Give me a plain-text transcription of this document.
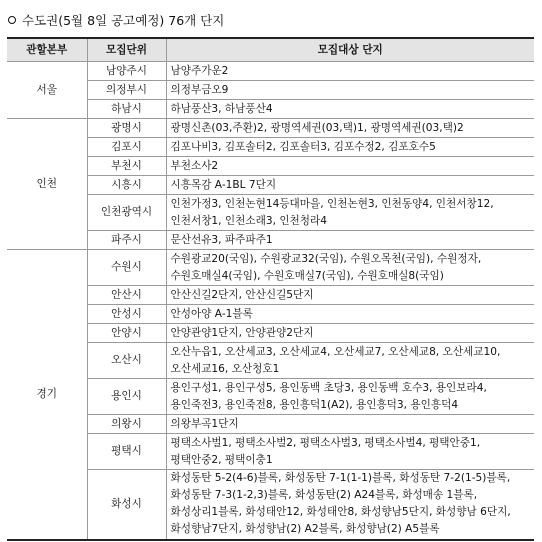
수도권(5월 8일 공고예정) 76개 단지
관할본부	모집단위	모집대상 단지
서울	남양주시	남양주가운2

	의정부시	의정부금오9

	하남시	하남풍산3, 하남풍산4

인천	광명시	광명신촌(03,주환)2, 광명역세권(03,택)1, 광명역세권(03,택)2

	김포시	김포나비3, 김포솔터2, 김포솔터3, 김포수정2, 김포호수5

	부천시	부천소사2

	시흥시	시흥목감 A-1BL 7단지

	인천광역시	인천가정3, 인천논현14등대마을, 인천논현3, 인천동양4, 인천서창12,
인천서창1, 인천소래3, 인천청라4

	파주시	문산선유3, 파주파주1

경기	수원시	수원광교20(국임), 수원광교32(국임), 수원오목천(국임), 수원정자,
수원호매실4(국임), 수원호매실7(국임), 수원호매실8(국임)

	안산시	안산신길2단지, 안산신길5단지

	안성시	안성아양 A-1블록

	안양시	안양관양1단지, 안양관양2단지

	오산시	오산누읍1, 오산세교3, 오산세교4, 오산세교7, 오산세교8, 오산세교10,
오산세교16, 오산청호1

	용인시	용인구성1, 용인구성5, 용인동백 초당3, 용인동백 호수3, 용인보라4,
용인죽전3, 용인죽전8, 용인흥덕1(A2), 용인흥덕3, 용인흥덕4

	의왕시	의왕부곡1단지

	평택시	평택소사벌1, 평택소사벌2, 평택소사벌3, 평택소사벌4, 평택안중1,
평택안중2, 평택이충1

	화성시	화성동탄 5-2(4-6)블록, 화성동탄 7-1(1-1)블록, 화성동탄 7-2(1-5)블록,
화성동탄 7-3(1-2,3)블록, 화성동탄(2) A24블록, 화성매송 1블록,
화성상리1블록, 화성태안12, 화성태안8, 화성향남5단지, 화성향남 6단지,
화성향남7단지, 화성향남(2) A2블록, 화성향남(2) A5블록
